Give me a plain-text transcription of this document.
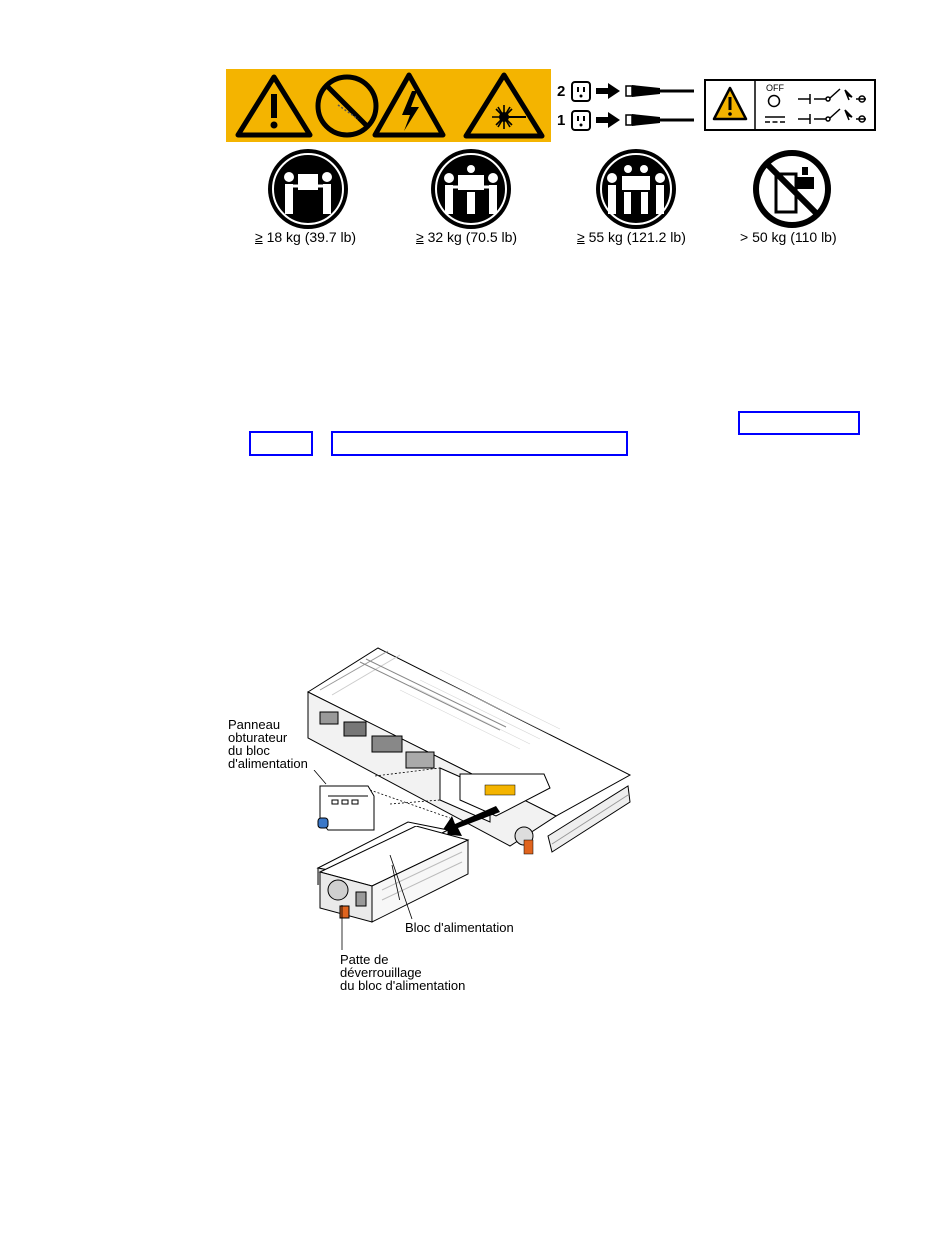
2
1
OFF
≥ 18 kg (39.7 lb)	≥ 32 kg (70.5 lb)	≥ 55 kg (121.2 lb)	> 50 kg (110 lb)
Panneau
obturateur
du bloc
d'alimentation
Bloc d'alimentation
Patte de
déverrouillage
du bloc d'alimentation
